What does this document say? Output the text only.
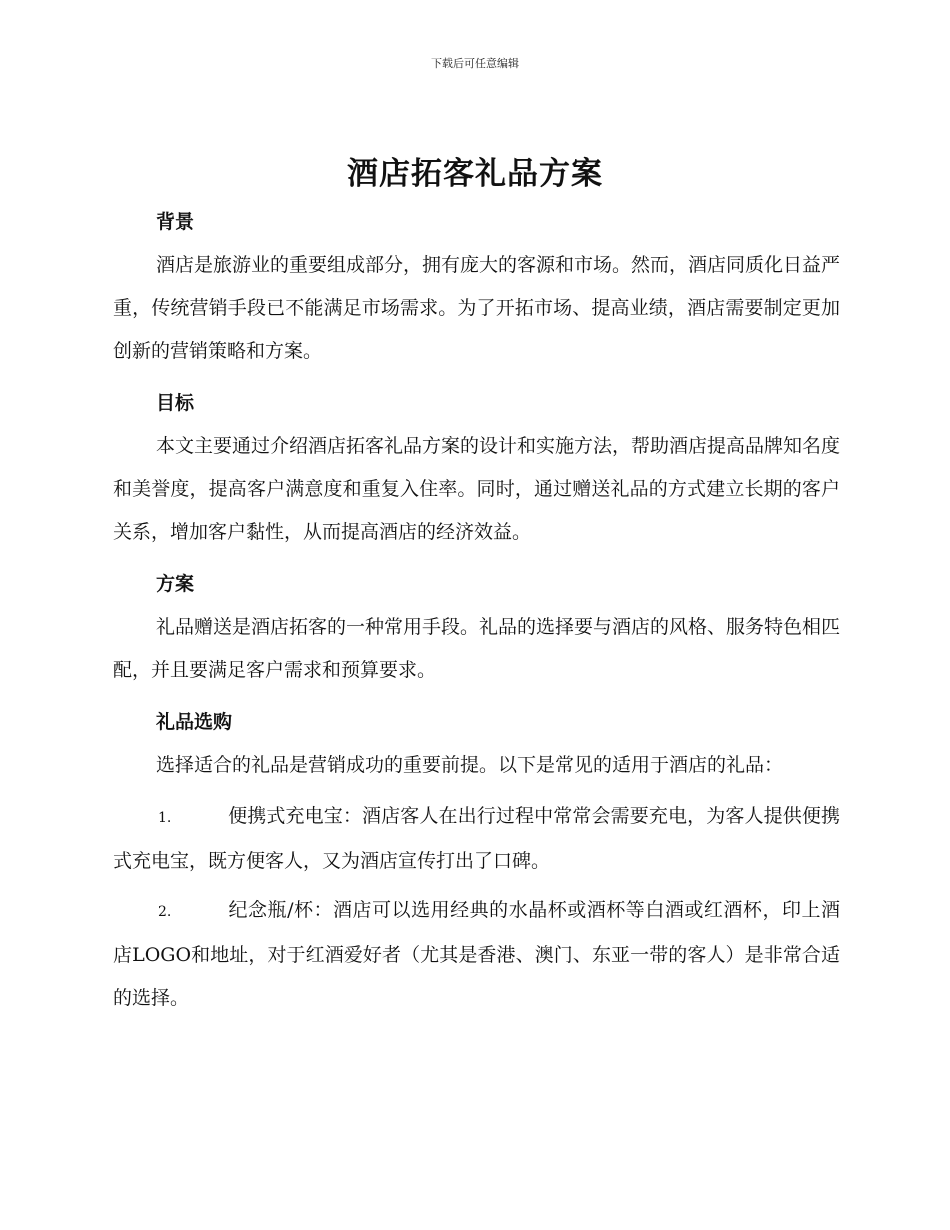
下载后可任意编辑
酒店拓客礼品方案
背景

酒店是旅游业的重要组成部分，拥有庞大的客源和市场。然而，酒店同质化日益严重，传统营销手段已不能满足市场需求。为了开拓市场、提高业绩，酒店需要制定更加创新的营销策略和方案。

目标

本文主要通过介绍酒店拓客礼品方案的设计和实施方法，帮助酒店提高品牌知名度和美誉度，提高客户满意度和重复入住率。同时，通过赠送礼品的方式建立长期的客户关系，增加客户黏性，从而提高酒店的经济效益。

方案

礼品赠送是酒店拓客的一种常用手段。礼品的选择要与酒店的风格、服务特色相匹配，并且要满足客户需求和预算要求。

礼品选购

选择适合的礼品是营销成功的重要前提。以下是常见的适用于酒店的礼品：

1.	便携式充电宝：酒店客人在出行过程中常常会需要充电，为客人提供便携式充电宝，既方便客人，又为酒店宣传打出了口碑。

2.	纪念瓶/杯：酒店可以选用经典的水晶杯或酒杯等白酒或红酒杯，印上酒店LOGO和地址，对于红酒爱好者（尤其是香港、澳门、东亚一带的客人）是非常合适的选择。
